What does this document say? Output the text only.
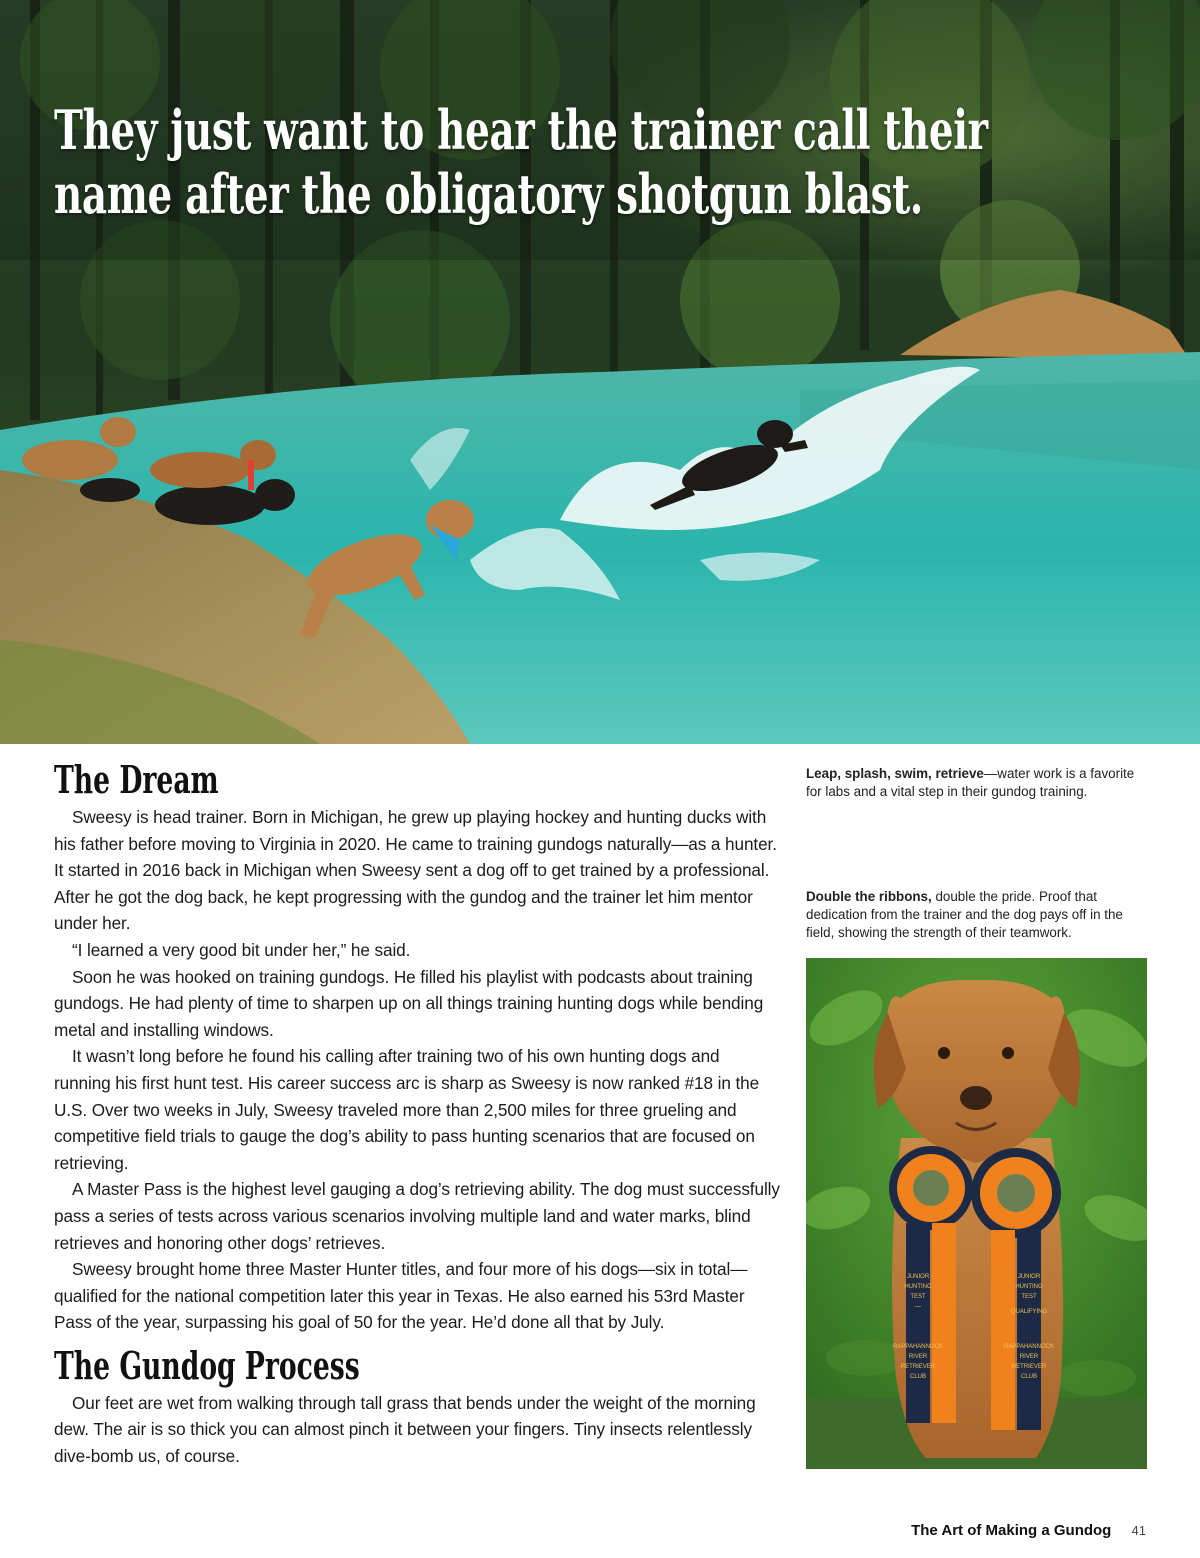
They just want to hear the trainer call their
name after the obligatory shotgun blast.
The Dream

Sweesy is head trainer. Born in Michigan, he grew up playing hockey and hunting ducks with his father before moving to Virginia in 2020. He came to training gundogs naturally—as a hunter. It started in 2016 back in Michigan when Sweesy sent a dog off to get trained by a professional. After he got the dog back, he kept progressing with the gundog and the trainer let him mentor under her.

“I learned a very good bit under her,” he said.

Soon he was hooked on training gundogs. He filled his playlist with podcasts about training gundogs. He had plenty of time to sharpen up on all things training hunting dogs while bending metal and installing windows.

It wasn’t long before he found his calling after training two of his own hunting dogs and running his first hunt test. His career success arc is sharp as Sweesy is now ranked #18 in the U.S. Over two weeks in July, Sweesy traveled more than 2,500 miles for three grueling and competitive field trials to gauge the dog’s ability to pass hunting scenarios that are focused on retrieving.

A Master Pass is the highest level gauging a dog’s retrieving ability. The dog must successfully pass a series of tests across various scenarios involving multiple land and water marks, blind retrieves and honoring other dogs’ retrieves.

Sweesy brought home three Master Hunter titles, and four more of his dogs—six in total—qualified for the national competition later this year in Texas. He also earned his 53rd Master Pass of the year, surpassing his goal of 50 for the year. He’d done all that by July.

The Gundog Process

Our feet are wet from walking through tall grass that bends under the weight of the morning dew. The air is so thick you can almost pinch it between your fingers. Tiny insects relentlessly dive-bomb us, of course.

Leap, splash, swim, retrieve—water work is a favorite for labs and a vital step in their gundog training.

Double the ribbons, double the pride. Proof that dedication from the trainer and the dog pays off in the field, showing the strength of their teamwork.

JUNIOR
HUNTING
TEST
—
RAPPAHANNOCK
RIVER
RETRIEVER
CLUB
JUNIOR
HUNTING
TEST
QUALIFYING
RAPPAHANNOCK
RIVER
RETRIEVER
CLUB
The Art of Making a Gundog 41
